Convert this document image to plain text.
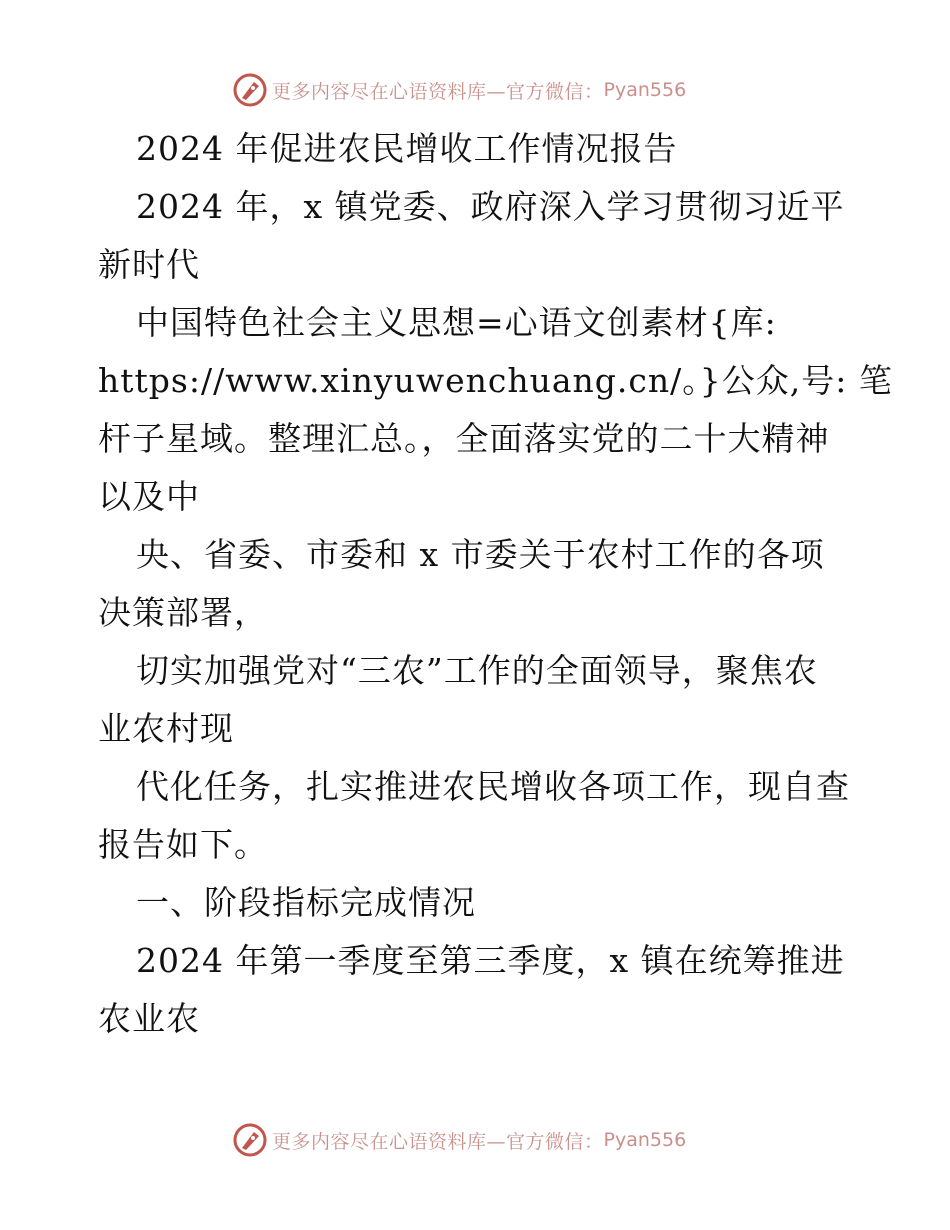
更多内容尽在心语资料库—官方微信： Pyan556
2024 年促进农民增收工作情况报告
2024 年，x 镇党委、政府深入学习贯彻习近平
新时代
中国特色社会主义思想=心语文创素材{库:
https://www.xinyuwenchuang.cn/。}公众,号: 笔
杆子星域。整理汇总。，全面落实党的二十大精神
以及中
央、省委、市委和 x 市委关于农村工作的各项
决策部署，
切实加强党对“三农”工作的全面领导，聚焦农
业农村现
代化任务，扎实推进农民增收各项工作，现自查
报告如下。
一、阶段指标完成情况
2024 年第一季度至第三季度，x 镇在统筹推进
农业农
更多内容尽在心语资料库—官方微信： Pyan556
